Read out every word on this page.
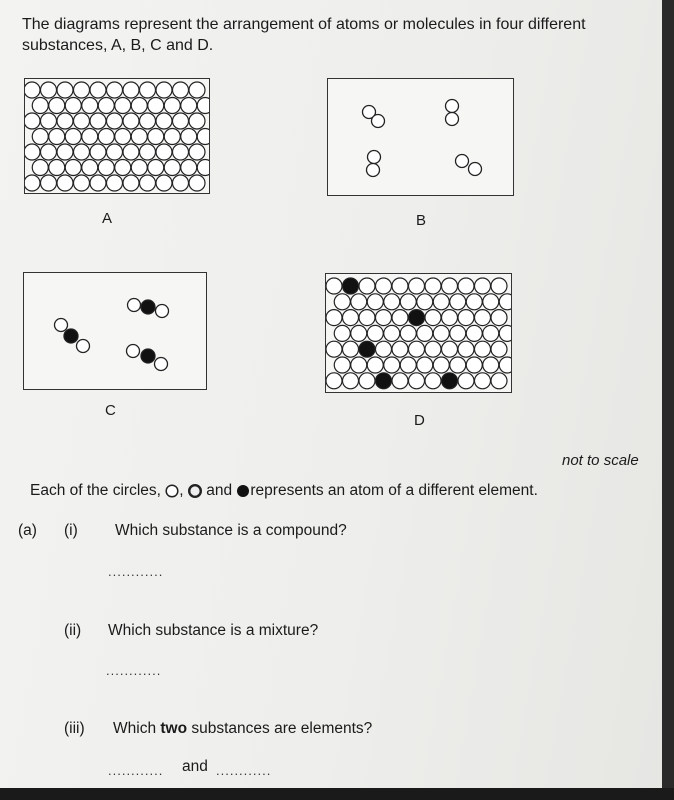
The diagrams represent the arrangement of atoms or molecules in four different substances, A, B, C and D.
A	B
C
D
not to scale
Each of the circles, ,  and represents an atom of a different element.
(a) (i) Which substance is a compound?
............
(ii) Which substance is a mixture?
............
(iii) Which two substances are elements?
............ and ............
